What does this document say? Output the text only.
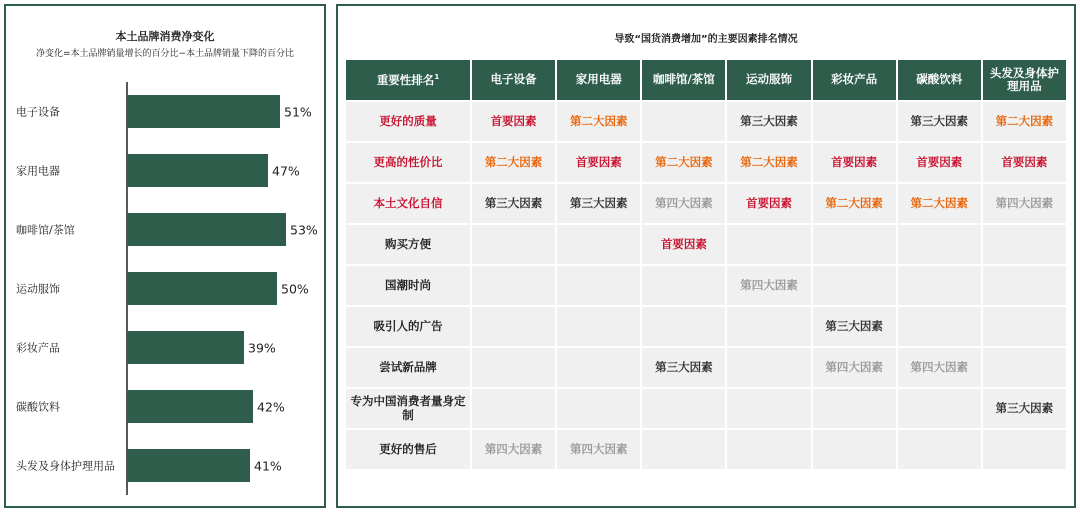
本土品牌消费净变化
净变化=本土品牌销量增长的百分比−本土品牌销量下降的百分比
电子设备	51%
家用电器	47%
咖啡馆/茶馆	53%
运动服饰	50%
彩妆产品	39%
碳酸饮料	42%
头发及身体护理用品	41%
导致“国货消费增加”的主要因素排名情况
重要性排名$^1$	电子设备	家用电器	咖啡馆/茶馆	运动服饰	彩妆产品	碳酸饮料	头发及身体护理用品
更好的质量	首要因素	第二大因素		第三大因素		第三大因素	第二大因素
更高的性价比	第二大因素	首要因素	第二大因素	第二大因素	首要因素	首要因素	首要因素
本土文化自信	第三大因素	第三大因素	第四大因素	首要因素	第二大因素	第二大因素	第四大因素
购买方便			首要因素				
国潮时尚				第四大因素			
吸引人的广告					第三大因素		
尝试新品牌			第三大因素		第四大因素	第四大因素	
专为中国消费者量身定制							第三大因素
更好的售后	第四大因素	第四大因素					
